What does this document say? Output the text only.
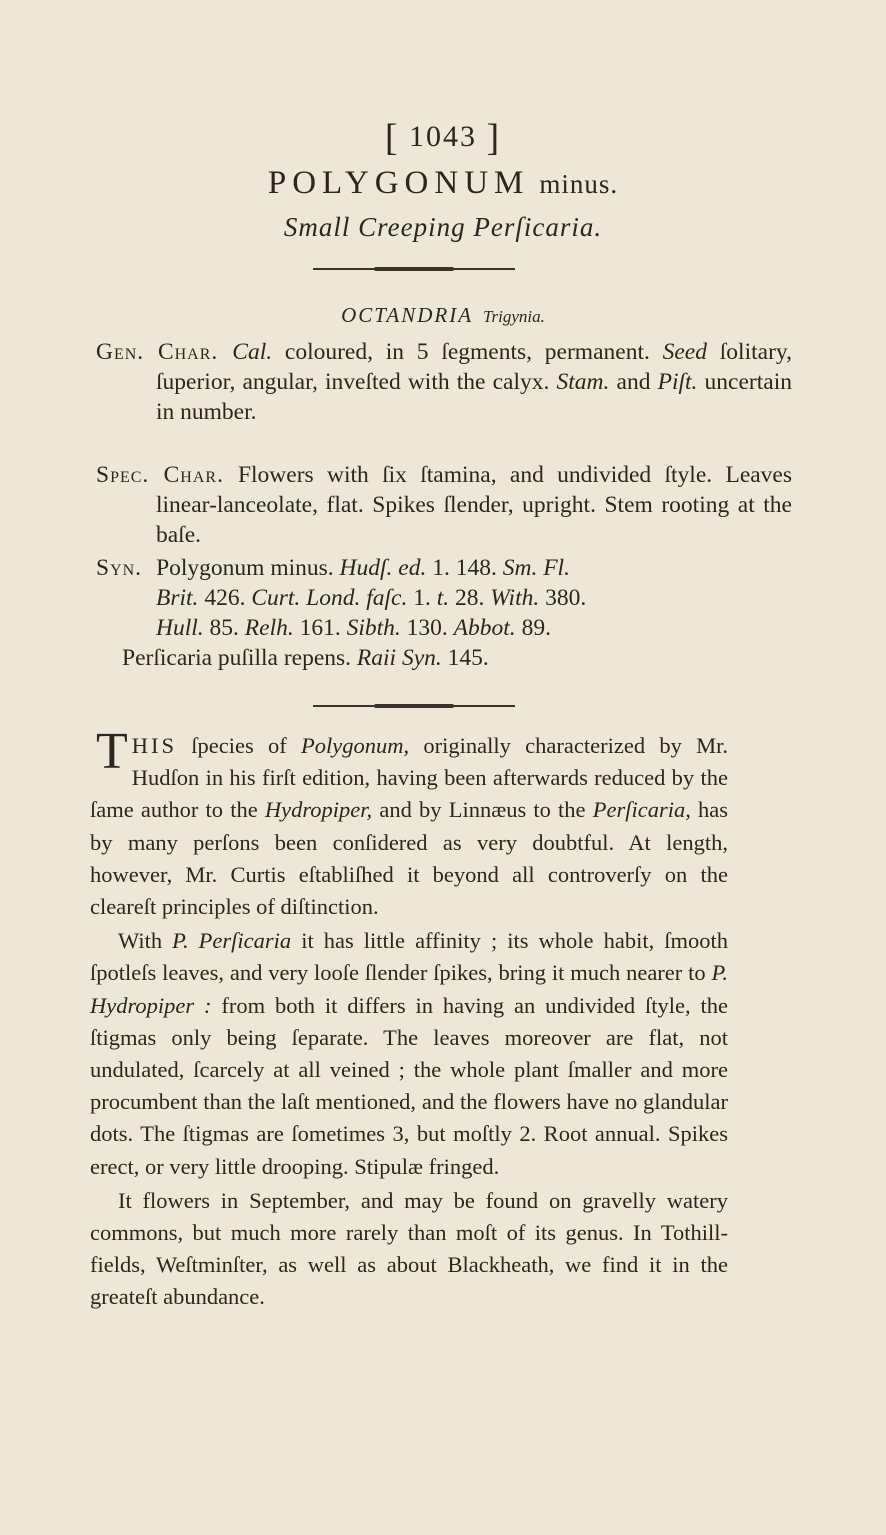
[ 1043 ]
POLYGONUM minus.
Small Creeping Perſicaria.
OCTANDRIA Trigynia.
Gen. Char. Cal. coloured, in 5 ſegments, permanent. Seed ſolitary, ſuperior, angular, inveſted with the calyx. Stam. and Piſt. uncertain in number.
Spec. Char. Flowers with ſix ſtamina, and undivided ſtyle. Leaves linear-lanceolate, flat. Spikes ſlender, upright. Stem rooting at the baſe.
Syn. Polygonum minus. Hudſ. ed. 1. 148. Sm. Fl.
Brit. 426. Curt. Lond. faſc. 1. t. 28. With. 380.
Hull. 85. Relh. 161. Sibth. 130. Abbot. 89.
Perſicaria puſilla repens. Raii Syn. 145.

THIS ſpecies of Polygonum, originally characterized by Mr. Hudſon in his firſt edition, having been afterwards reduced by the ſame author to the Hydropiper, and by Linnæus to the Perſicaria, has by many perſons been conſidered as very doubtful. At length, however, Mr. Curtis eſtabliſhed it beyond all controverſy on the cleareſt principles of diſtinction.

With P. Perſicaria it has little affinity ; its whole habit, ſmooth ſpotleſs leaves, and very looſe ſlender ſpikes, bring it much nearer to P. Hydropiper : from both it differs in having an undivided ſtyle, the ſtigmas only being ſeparate. The leaves moreover are flat, not undulated, ſcarcely at all veined ; the whole plant ſmaller and more procumbent than the laſt mentioned, and the flowers have no glandular dots. The ſtigmas are ſometimes 3, but moſtly 2. Root annual. Spikes erect, or very little drooping. Stipulæ fringed.

It flowers in September, and may be found on gravelly watery commons, but much more rarely than moſt of its genus. In Tothill-fields, Weſtminſter, as well as about Blackheath, we find it in the greateſt abundance.
